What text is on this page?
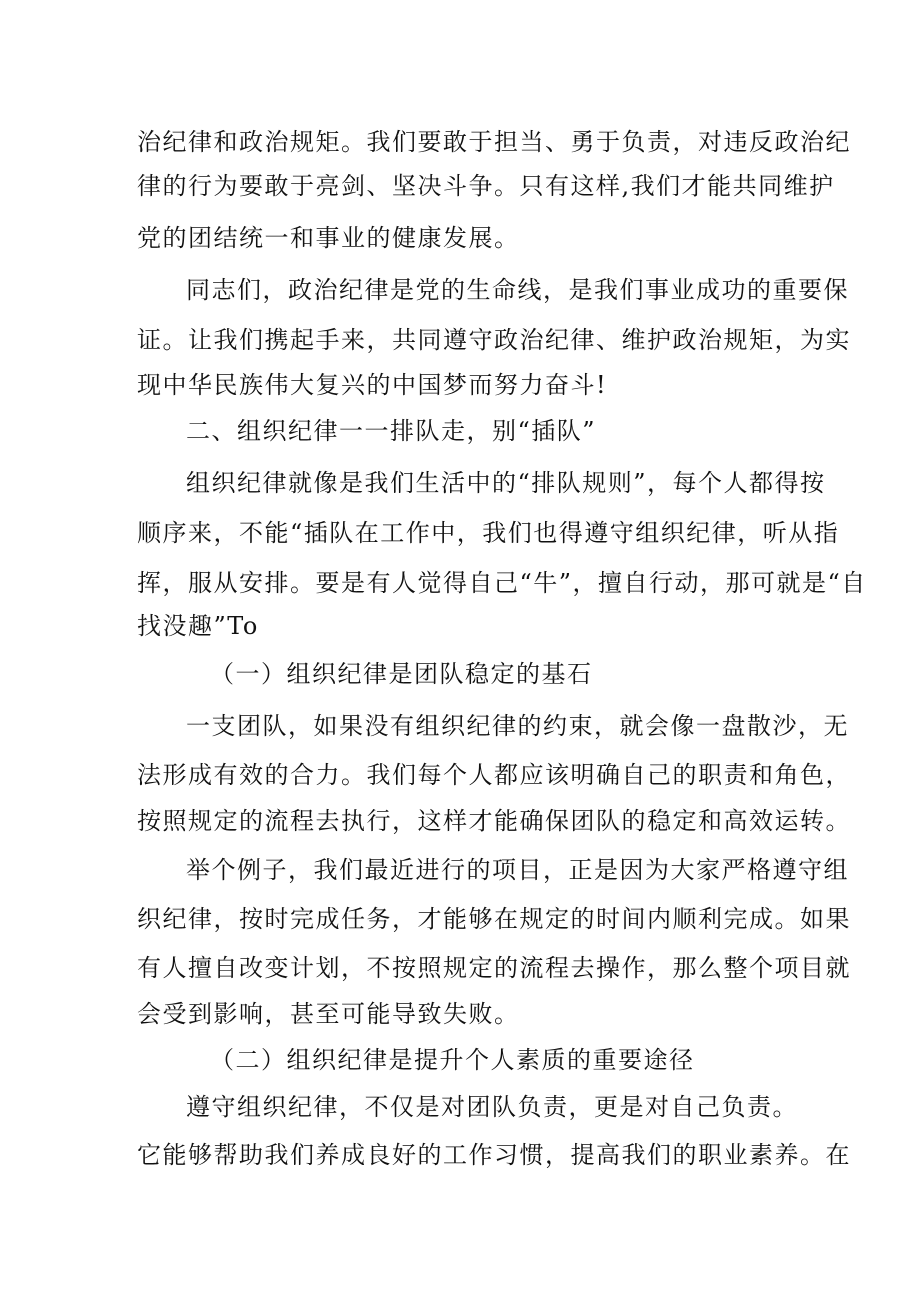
治纪律和政治规矩。我们要敢于担当、勇于负责，对违反政治纪
律的行为要敢于亮剑、坚决斗争。只有这样,我们才能共同维护
党的团结统一和事业的健康发展。
同志们，政治纪律是党的生命线，是我们事业成功的重要保
证。让我们携起手来，共同遵守政治纪律、维护政治规矩，为实
现中华民族伟大复兴的中国梦而努力奋斗!
二、组织纪律一一排队走，别“插队”
组织纪律就像是我们生活中的“排队规则”，每个人都得按
顺序来，不能“插队在工作中，我们也得遵守组织纪律，听从指
挥，服从安排。要是有人觉得自己“牛”，擅自行动，那可就是“自
找没趣”To
（一）组织纪律是团队稳定的基石
一支团队，如果没有组织纪律的约束，就会像一盘散沙，无
法形成有效的合力。我们每个人都应该明确自己的职责和角色，
按照规定的流程去执行，这样才能确保团队的稳定和高效运转。
举个例子，我们最近进行的项目，正是因为大家严格遵守组
织纪律，按时完成任务，才能够在规定的时间内顺利完成。如果
有人擅自改变计划，不按照规定的流程去操作，那么整个项目就
会受到影响，甚至可能导致失败。
（二）组织纪律是提升个人素质的重要途径
遵守组织纪律，不仅是对团队负责，更是对自己负责。
它能够帮助我们养成良好的工作习惯，提高我们的职业素养。在
